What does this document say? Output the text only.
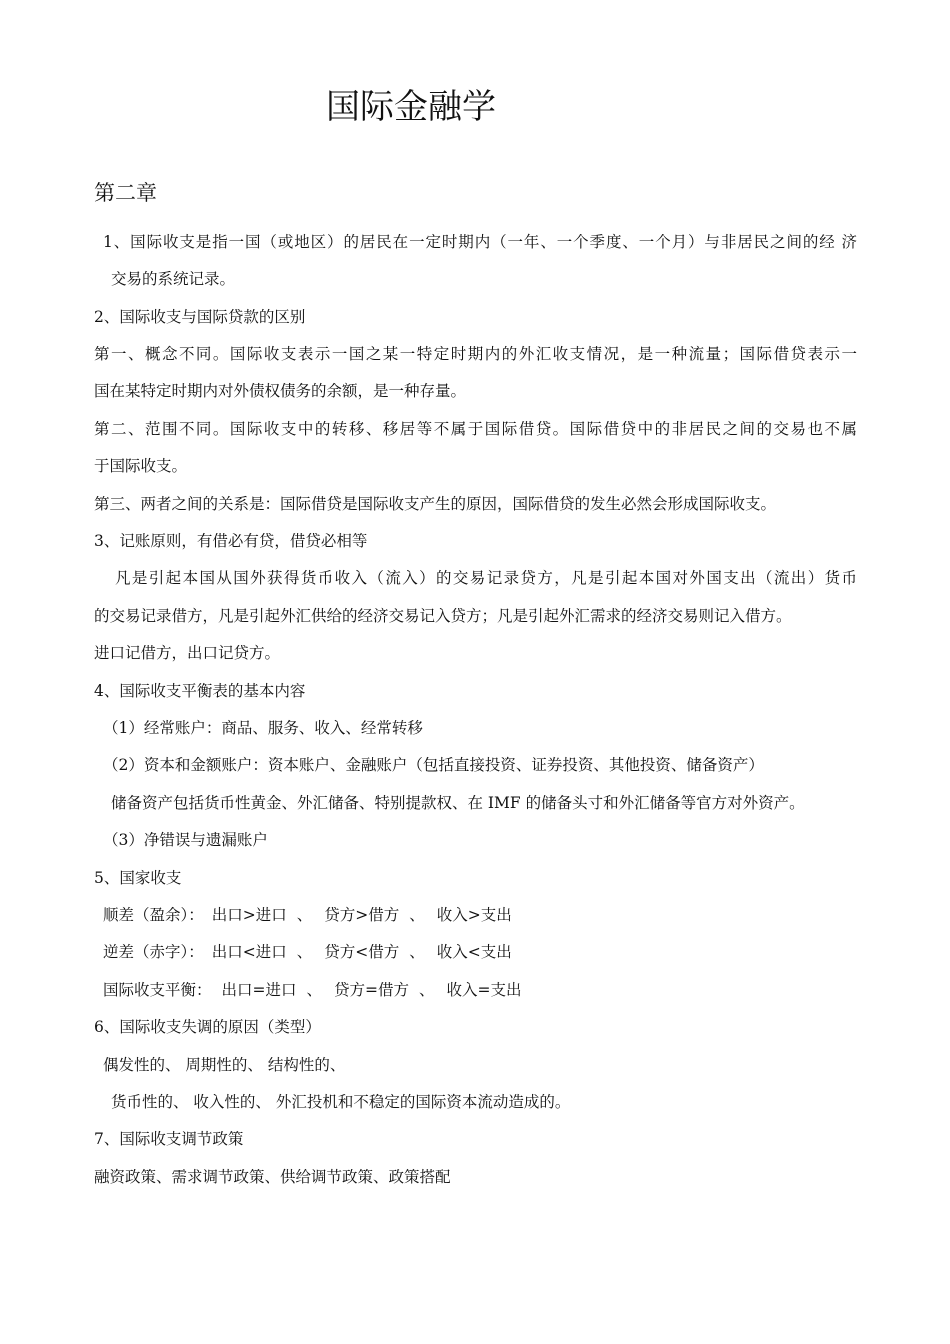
国际金融学
第二章
1、国际收支是指一国（或地区）的居民在一定时期内（一年、一个季度、一个月）与非居民之间的经 济
交易的系统记录。
2、国际收支与国际贷款的区别
第一、概念不同。国际收支表示一国之某一特定时期内的外汇收支情况，是一种流量；国际借贷表示一
国在某特定时期内对外债权债务的余额，是一种存量。
第二、范围不同。国际收支中的转移、移居等不属于国际借贷。国际借贷中的非居民之间的交易也不属
于国际收支。
第三、两者之间的关系是：国际借贷是国际收支产生的原因，国际借贷的发生必然会形成国际收支。
3、记账原则，有借必有贷，借贷必相等
凡是引起本国从国外获得货币收入（流入）的交易记录贷方，凡是引起本国对外国支出（流出）货币
的交易记录借方，凡是引起外汇供给的经济交易记入贷方；凡是引起外汇需求的经济交易则记入借方。
进口记借方，出口记贷方。
4、国际收支平衡表的基本内容
（1）经常账户：商品、服务、收入、经常转移
（2）资本和金额账户：资本账户、金融账户（包括直接投资、证券投资、其他投资、储备资产）
储备资产包括货币性黄金、外汇储备、特别提款权、在 IMF 的储备头寸和外汇储备等官方对外资产。
（3）净错误与遗漏账户
5、国家收支
顺差（盈余）： 出口>进口 、 贷方>借方 、 收入>支出
逆差（赤字）： 出口<进口 、 贷方<借方 、 收入<支出
国际收支平衡： 出口=进口 、 贷方=借方 、 收入=支出
6、国际收支失调的原因（类型）
偶发性的、 周期性的、 结构性的、
货币性的、 收入性的、 外汇投机和不稳定的国际资本流动造成的。
7、国际收支调节政策
融资政策、需求调节政策、供给调节政策、政策搭配
